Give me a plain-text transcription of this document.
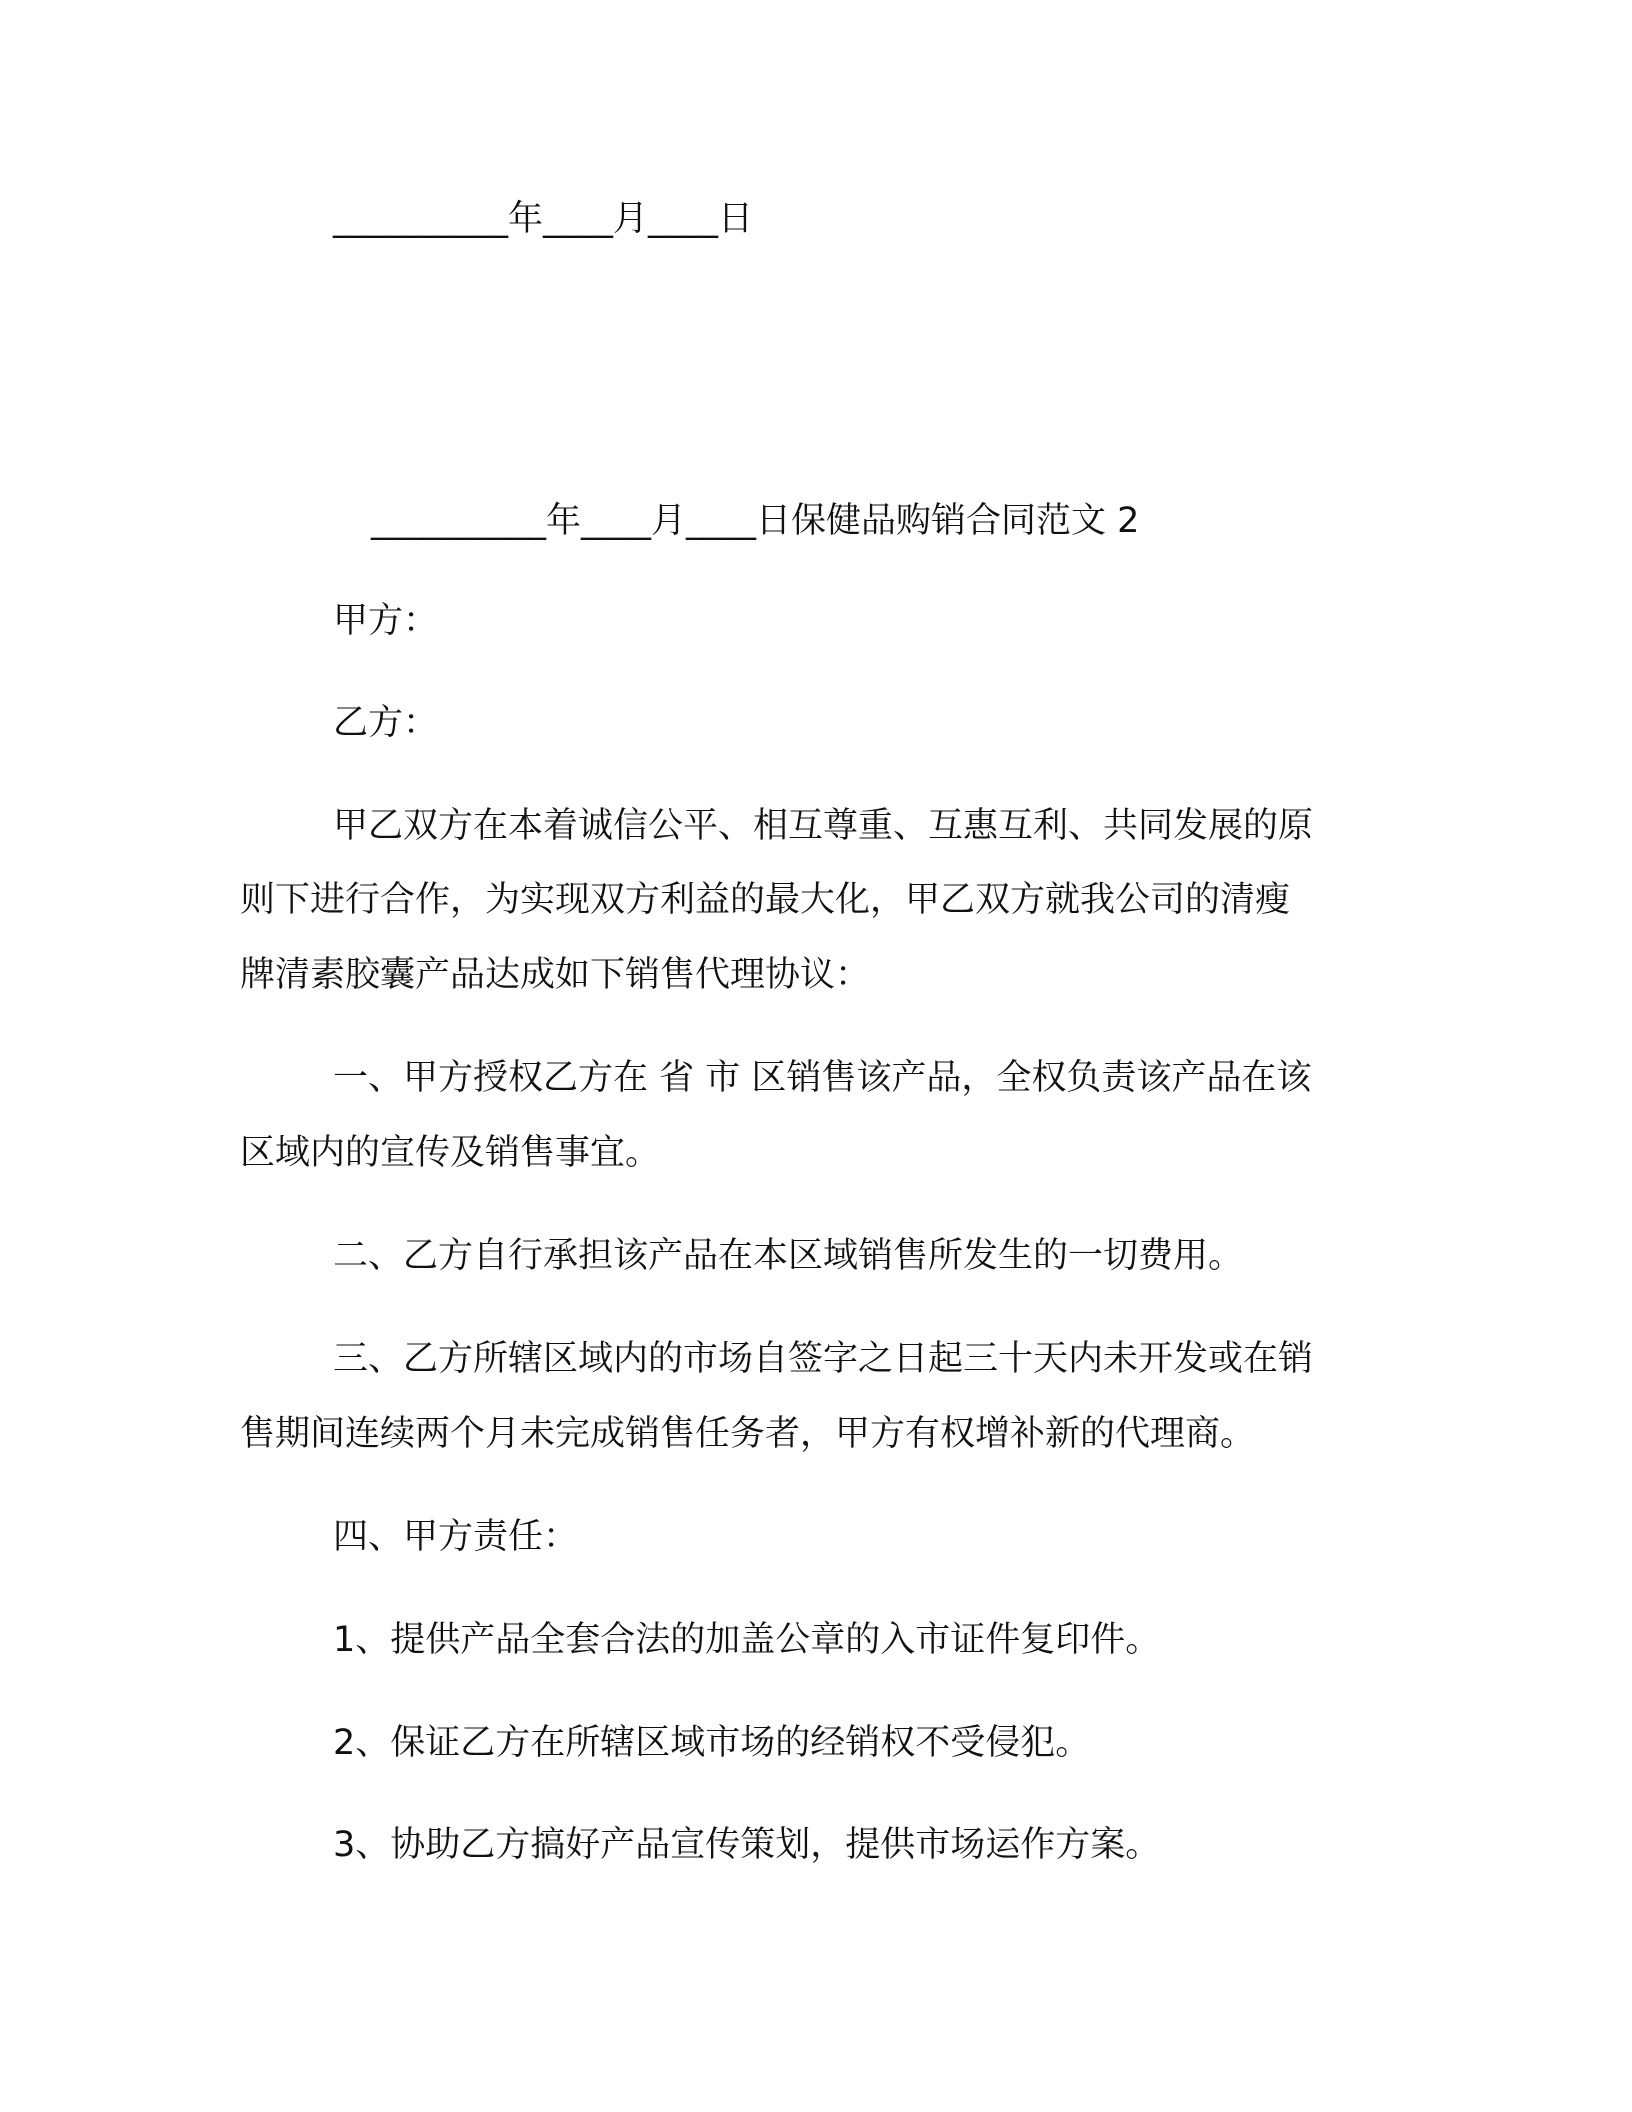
__________年____月____日

__________年____月____日保健品购销合同范文 2

甲方：

乙方：

甲乙双方在本着诚信公平、相互尊重、互惠互利、共同发展的原

则下进行合作，为实现双方利益的最大化，甲乙双方就我公司的清瘦

牌清素胶囊产品达成如下销售代理协议：

一、甲方授权乙方在 省 市 区销售该产品，全权负责该产品在该

区域内的宣传及销售事宜。

二、乙方自行承担该产品在本区域销售所发生的一切费用。

三、乙方所辖区域内的市场自签字之日起三十天内未开发或在销

售期间连续两个月未完成销售任务者，甲方有权增补新的代理商。

四、甲方责任：

1、提供产品全套合法的加盖公章的入市证件复印件。

2、保证乙方在所辖区域市场的经销权不受侵犯。

3、协助乙方搞好产品宣传策划，提供市场运作方案。
